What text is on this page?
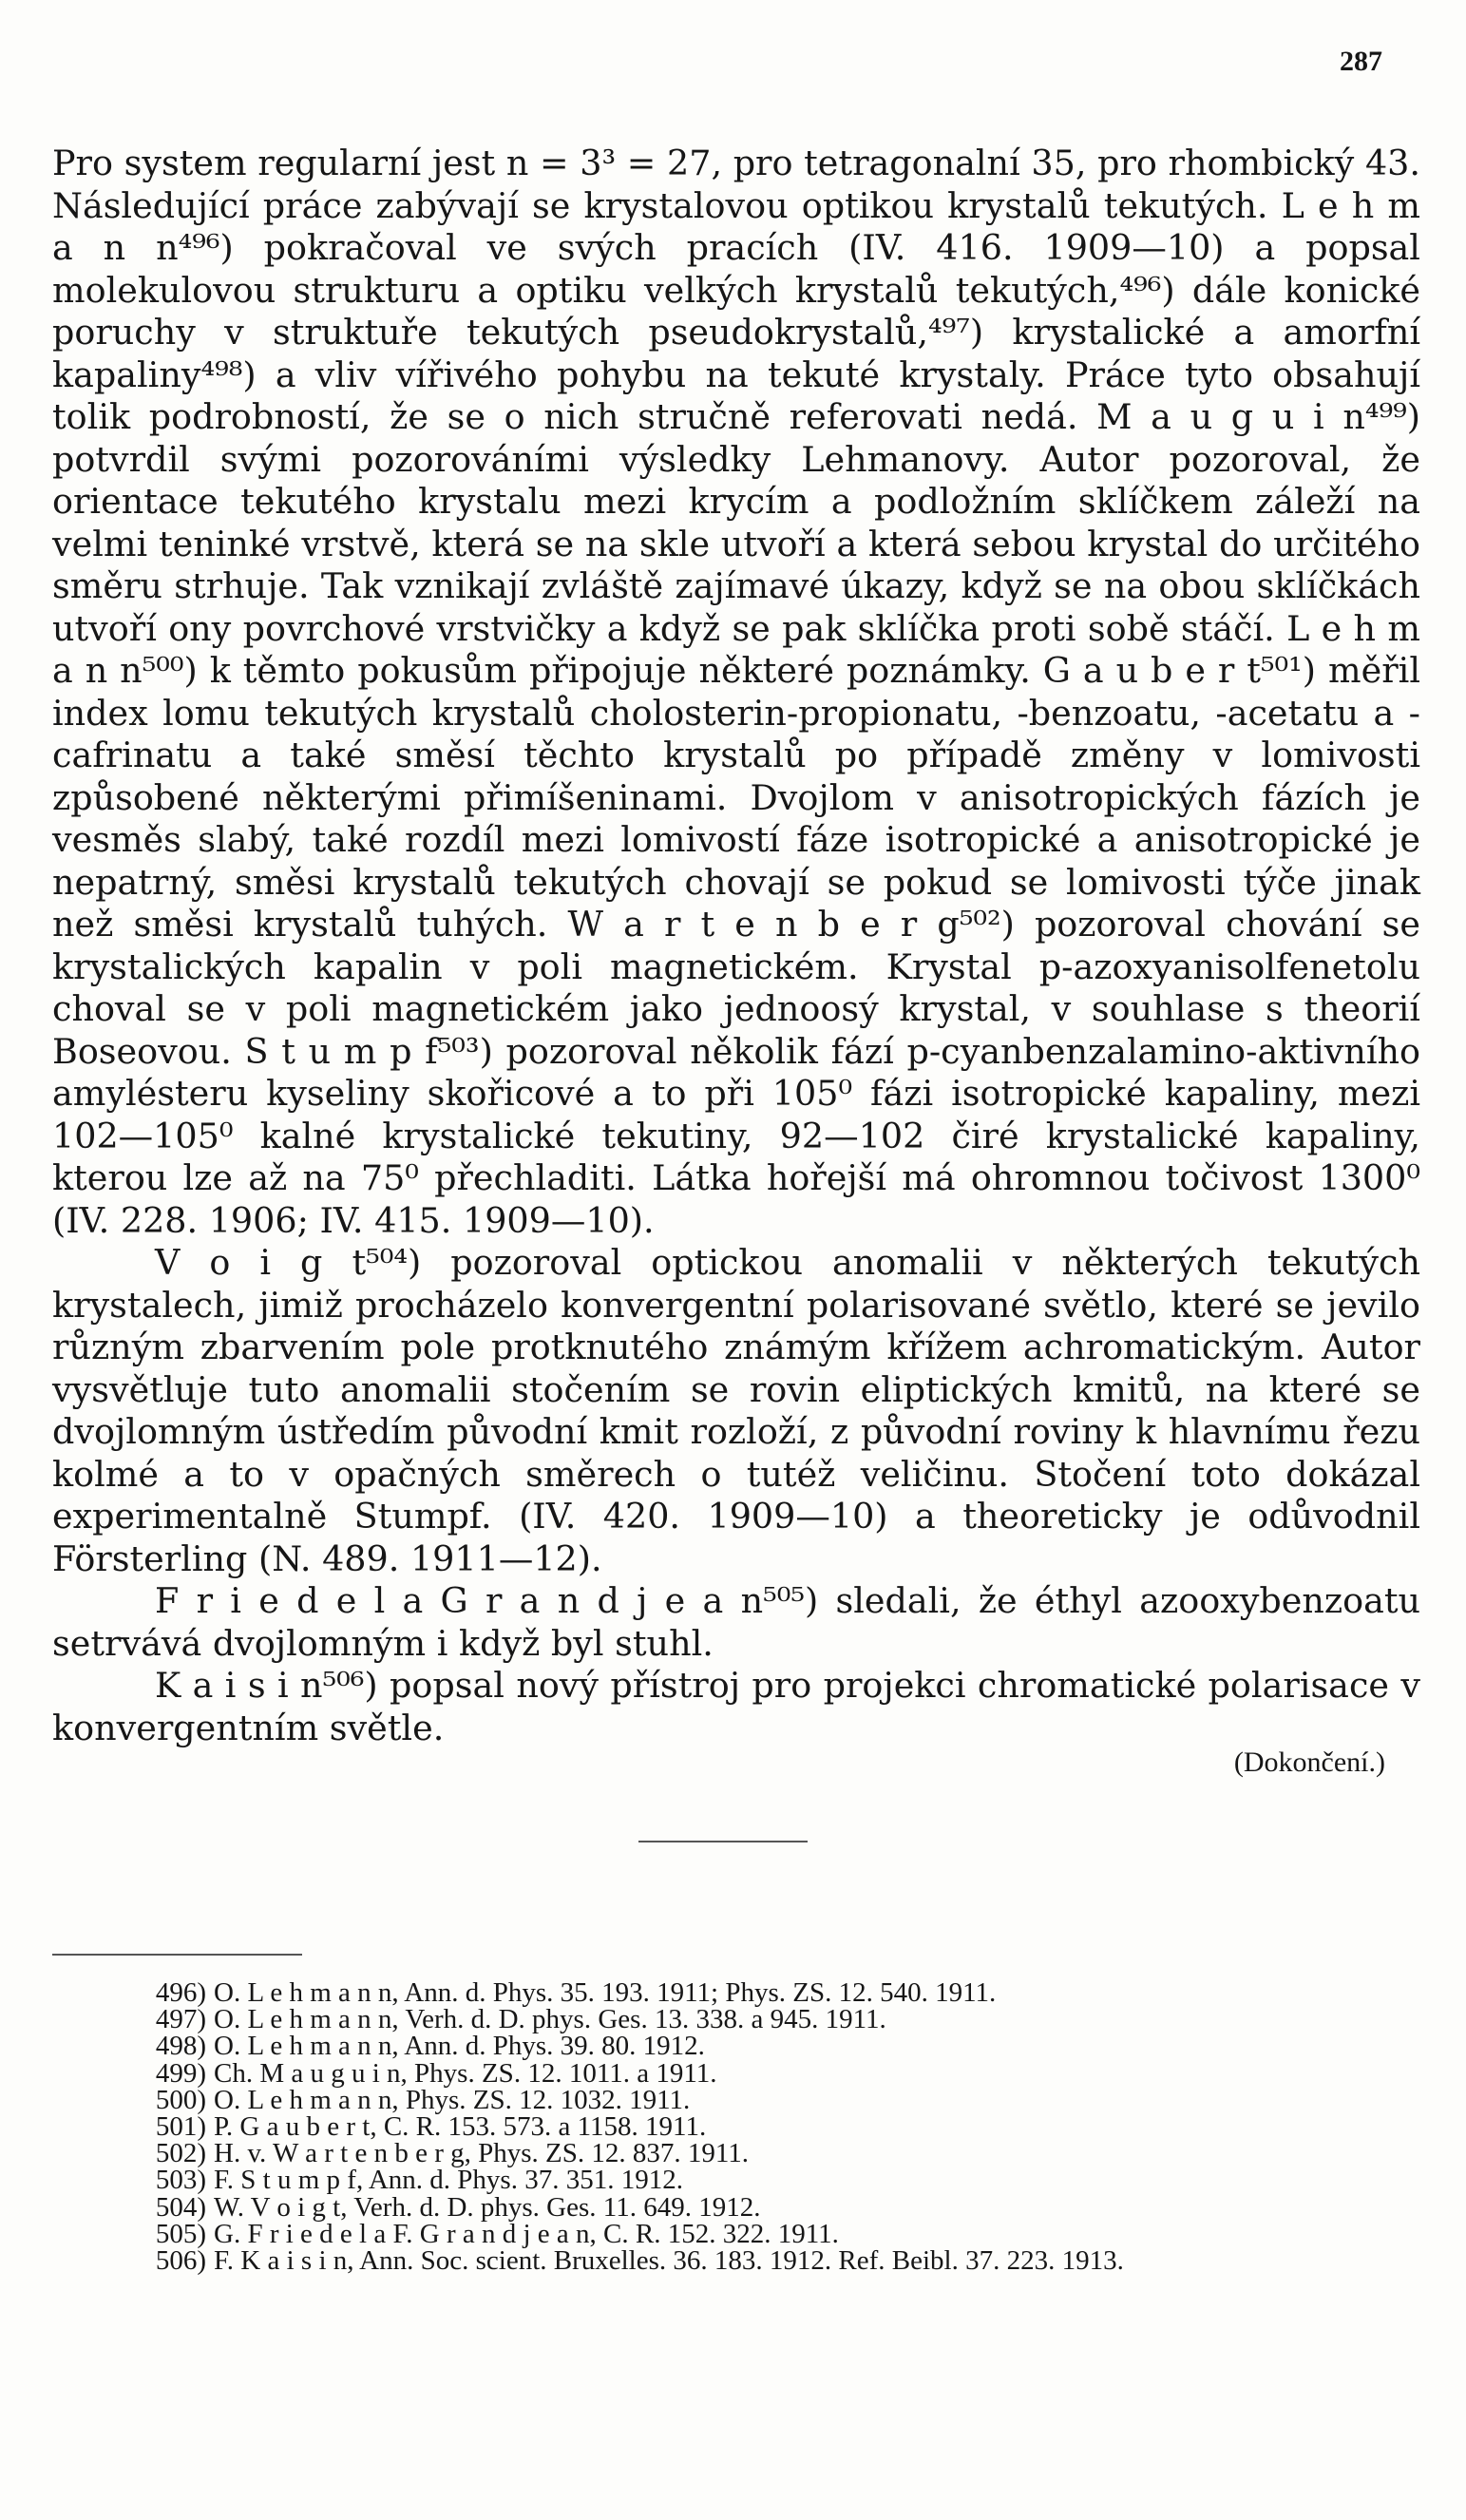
287

Pro system regularní jest n = 3³ = 27, pro tetragonalní 35, pro rhombický 43. Následující práce zabývají se krystalovou optikou krystalů tekutých. L e h m a n n⁴⁹⁶) pokračoval ve svých pracích (IV. 416. 1909—10) a popsal molekulovou strukturu a optiku velkých krystalů tekutých,⁴⁹⁶) dále konické poruchy v struktuře tekutých pseudokrystalů,⁴⁹⁷) krystalické a amorfní kapaliny⁴⁹⁸) a vliv vířivého pohybu na tekuté krystaly. Práce tyto obsahují tolik podrobností, že se o nich stručně referovati nedá. M a u g u i n⁴⁹⁹) potvrdil svými pozorováními výsledky Lehmanovy. Autor pozoroval, že orientace tekutého krystalu mezi krycím a podložním sklíčkem záleží na velmi teninké vrstvě, která se na skle utvoří a která sebou krystal do určitého směru strhuje. Tak vznikají zvláště zajímavé úkazy, když se na obou sklíčkách utvoří ony povrchové vrstvičky a když se pak sklíčka proti sobě stáčí. L e h m a n n⁵⁰⁰) k těmto pokusům připojuje některé poznámky. G a u b e r t⁵⁰¹) měřil index lomu tekutých krystalů cholosterin-propionatu, -benzoatu, -acetatu a -cafrinatu a také směsí těchto krystalů po případě změny v lomivosti způsobené některými přimíšeninami. Dvojlom v anisotropických fázích je vesměs slabý, také rozdíl mezi lomivostí fáze isotropické a anisotropické je nepatrný, směsi krystalů tekutých chovají se pokud se lomivosti týče jinak než směsi krystalů tuhých. W a r t e n b e r g⁵⁰²) pozoroval chování se krystalických kapalin v poli magnetickém. Krystal p-azoxyanisolfenetolu choval se v poli magnetickém jako jednoosý krystal, v souhlase s theorií Boseovou. S t u m p f⁵⁰³) pozoroval několik fází p-cyanbenzalamino-aktivního amylésteru kyseliny skořicové a to při 105⁰ fázi isotropické kapaliny, mezi 102—105⁰ kalné krystalické tekutiny, 92—102 čiré krystalické kapaliny, kterou lze až na 75⁰ přechladiti. Látka hořejší má ohromnou točivost 1300⁰ (IV. 228. 1906; IV. 415. 1909—10).

V o i g t⁵⁰⁴) pozoroval optickou anomalii v některých tekutých krystalech, jimiž procházelo konvergentní polarisované světlo, které se jevilo různým zbarvením pole protknutého známým křížem achromatickým. Autor vysvětluje tuto anomalii stočením se rovin eliptických kmitů, na které se dvojlomným ústředím původní kmit rozloží, z původní roviny k hlavnímu řezu kolmé a to v opačných směrech o tutéž veličinu. Stočení toto dokázal experimentalně Stumpf. (IV. 420. 1909—10) a theoreticky je odůvodnil Försterling (N. 489. 1911—12).

F r i e d e l a G r a n d j e a n⁵⁰⁵) sledali, že éthyl azooxybenzoatu setrvává dvojlomným i když byl stuhl.

K a i s i n⁵⁰⁶) popsal nový přístroj pro projekci chromatické polarisace v konvergentním světle.

(Dokončení.)
496) O. L e h m a n n, Ann. d. Phys. 35. 193. 1911; Phys. ZS. 12. 540. 1911.
497) O. L e h m a n n, Verh. d. D. phys. Ges. 13. 338. a 945. 1911.
498) O. L e h m a n n, Ann. d. Phys. 39. 80. 1912.
499) Ch. M a u g u i n, Phys. ZS. 12. 1011. a 1911.
500) O. L e h m a n n, Phys. ZS. 12. 1032. 1911.
501) P. G a u b e r t, C. R. 153. 573. a 1158. 1911.
502) H. v. W a r t e n b e r g, Phys. ZS. 12. 837. 1911.
503) F. S t u m p f, Ann. d. Phys. 37. 351. 1912.
504) W. V o i g t, Verh. d. D. phys. Ges. 11. 649. 1912.
505) G. F r i e d e l a F. G r a n d j e a n, C. R. 152. 322. 1911.
506) F. K a i s i n, Ann. Soc. scient. Bruxelles. 36. 183. 1912. Ref. Beibl. 37. 223. 1913.
